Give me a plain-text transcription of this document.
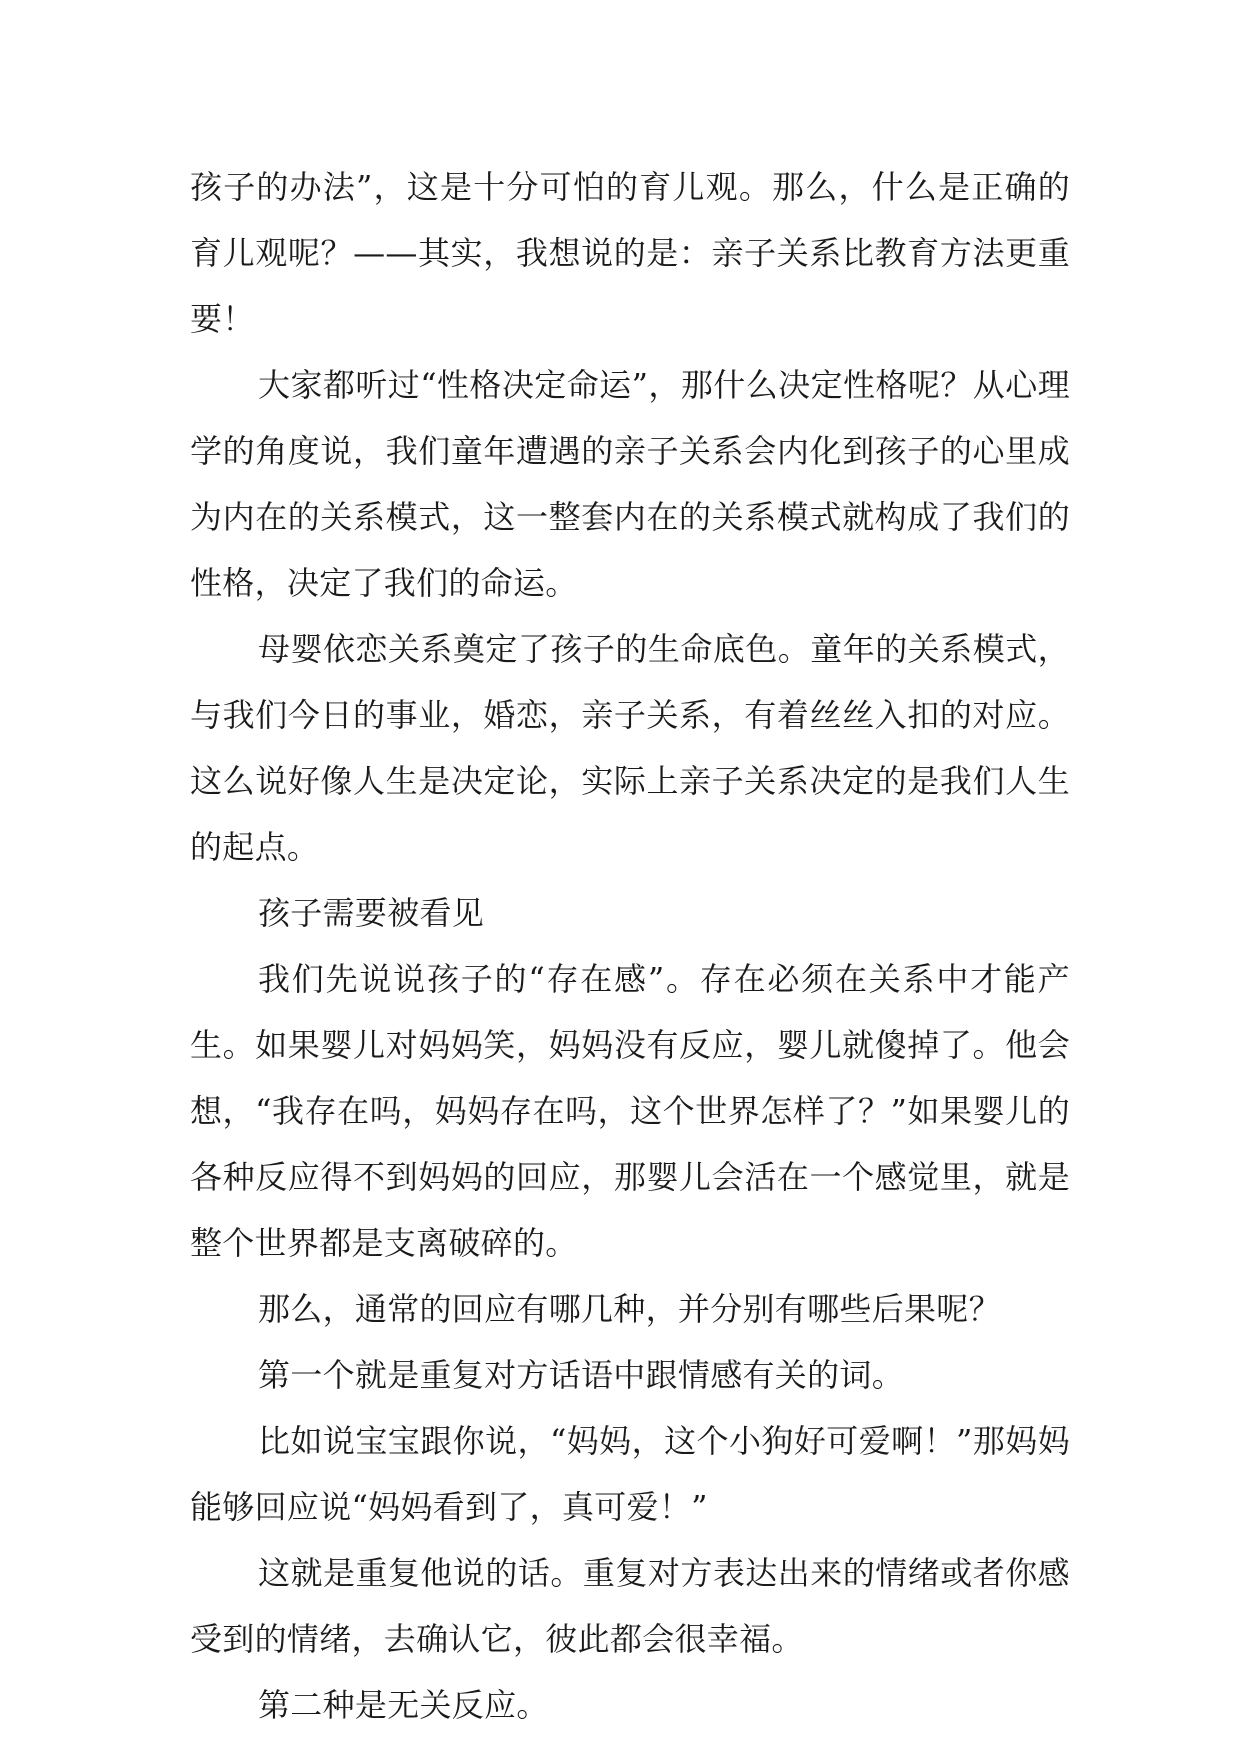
孩子的办法”，这是十分可怕的育儿观。那么，什么是正确的育儿观呢？——其实，我想说的是：亲子关系比教育方法更重要！

大家都听过“性格决定命运”，那什么决定性格呢？从心理学的角度说，我们童年遭遇的亲子关系会内化到孩子的心里成为内在的关系模式，这一整套内在的关系模式就构成了我们的性格，决定了我们的命运。

母婴依恋关系奠定了孩子的生命底色。童年的关系模式，与我们今日的事业，婚恋，亲子关系，有着丝丝入扣的对应。这么说好像人生是决定论，实际上亲子关系决定的是我们人生的起点。

孩子需要被看见

我们先说说孩子的“存在感”。存在必须在关系中才能产生。如果婴儿对妈妈笑，妈妈没有反应，婴儿就傻掉了。他会想，“我存在吗，妈妈存在吗，这个世界怎样了？”如果婴儿的各种反应得不到妈妈的回应，那婴儿会活在一个感觉里，就是整个世界都是支离破碎的。

那么，通常的回应有哪几种，并分别有哪些后果呢？

第一个就是重复对方话语中跟情感有关的词。

比如说宝宝跟你说，“妈妈，这个小狗好可爱啊！”那妈妈能够回应说“妈妈看到了，真可爱！”

这就是重复他说的话。重复对方表达出来的情绪或者你感受到的情绪，去确认它，彼此都会很幸福。

第二种是无关反应。
